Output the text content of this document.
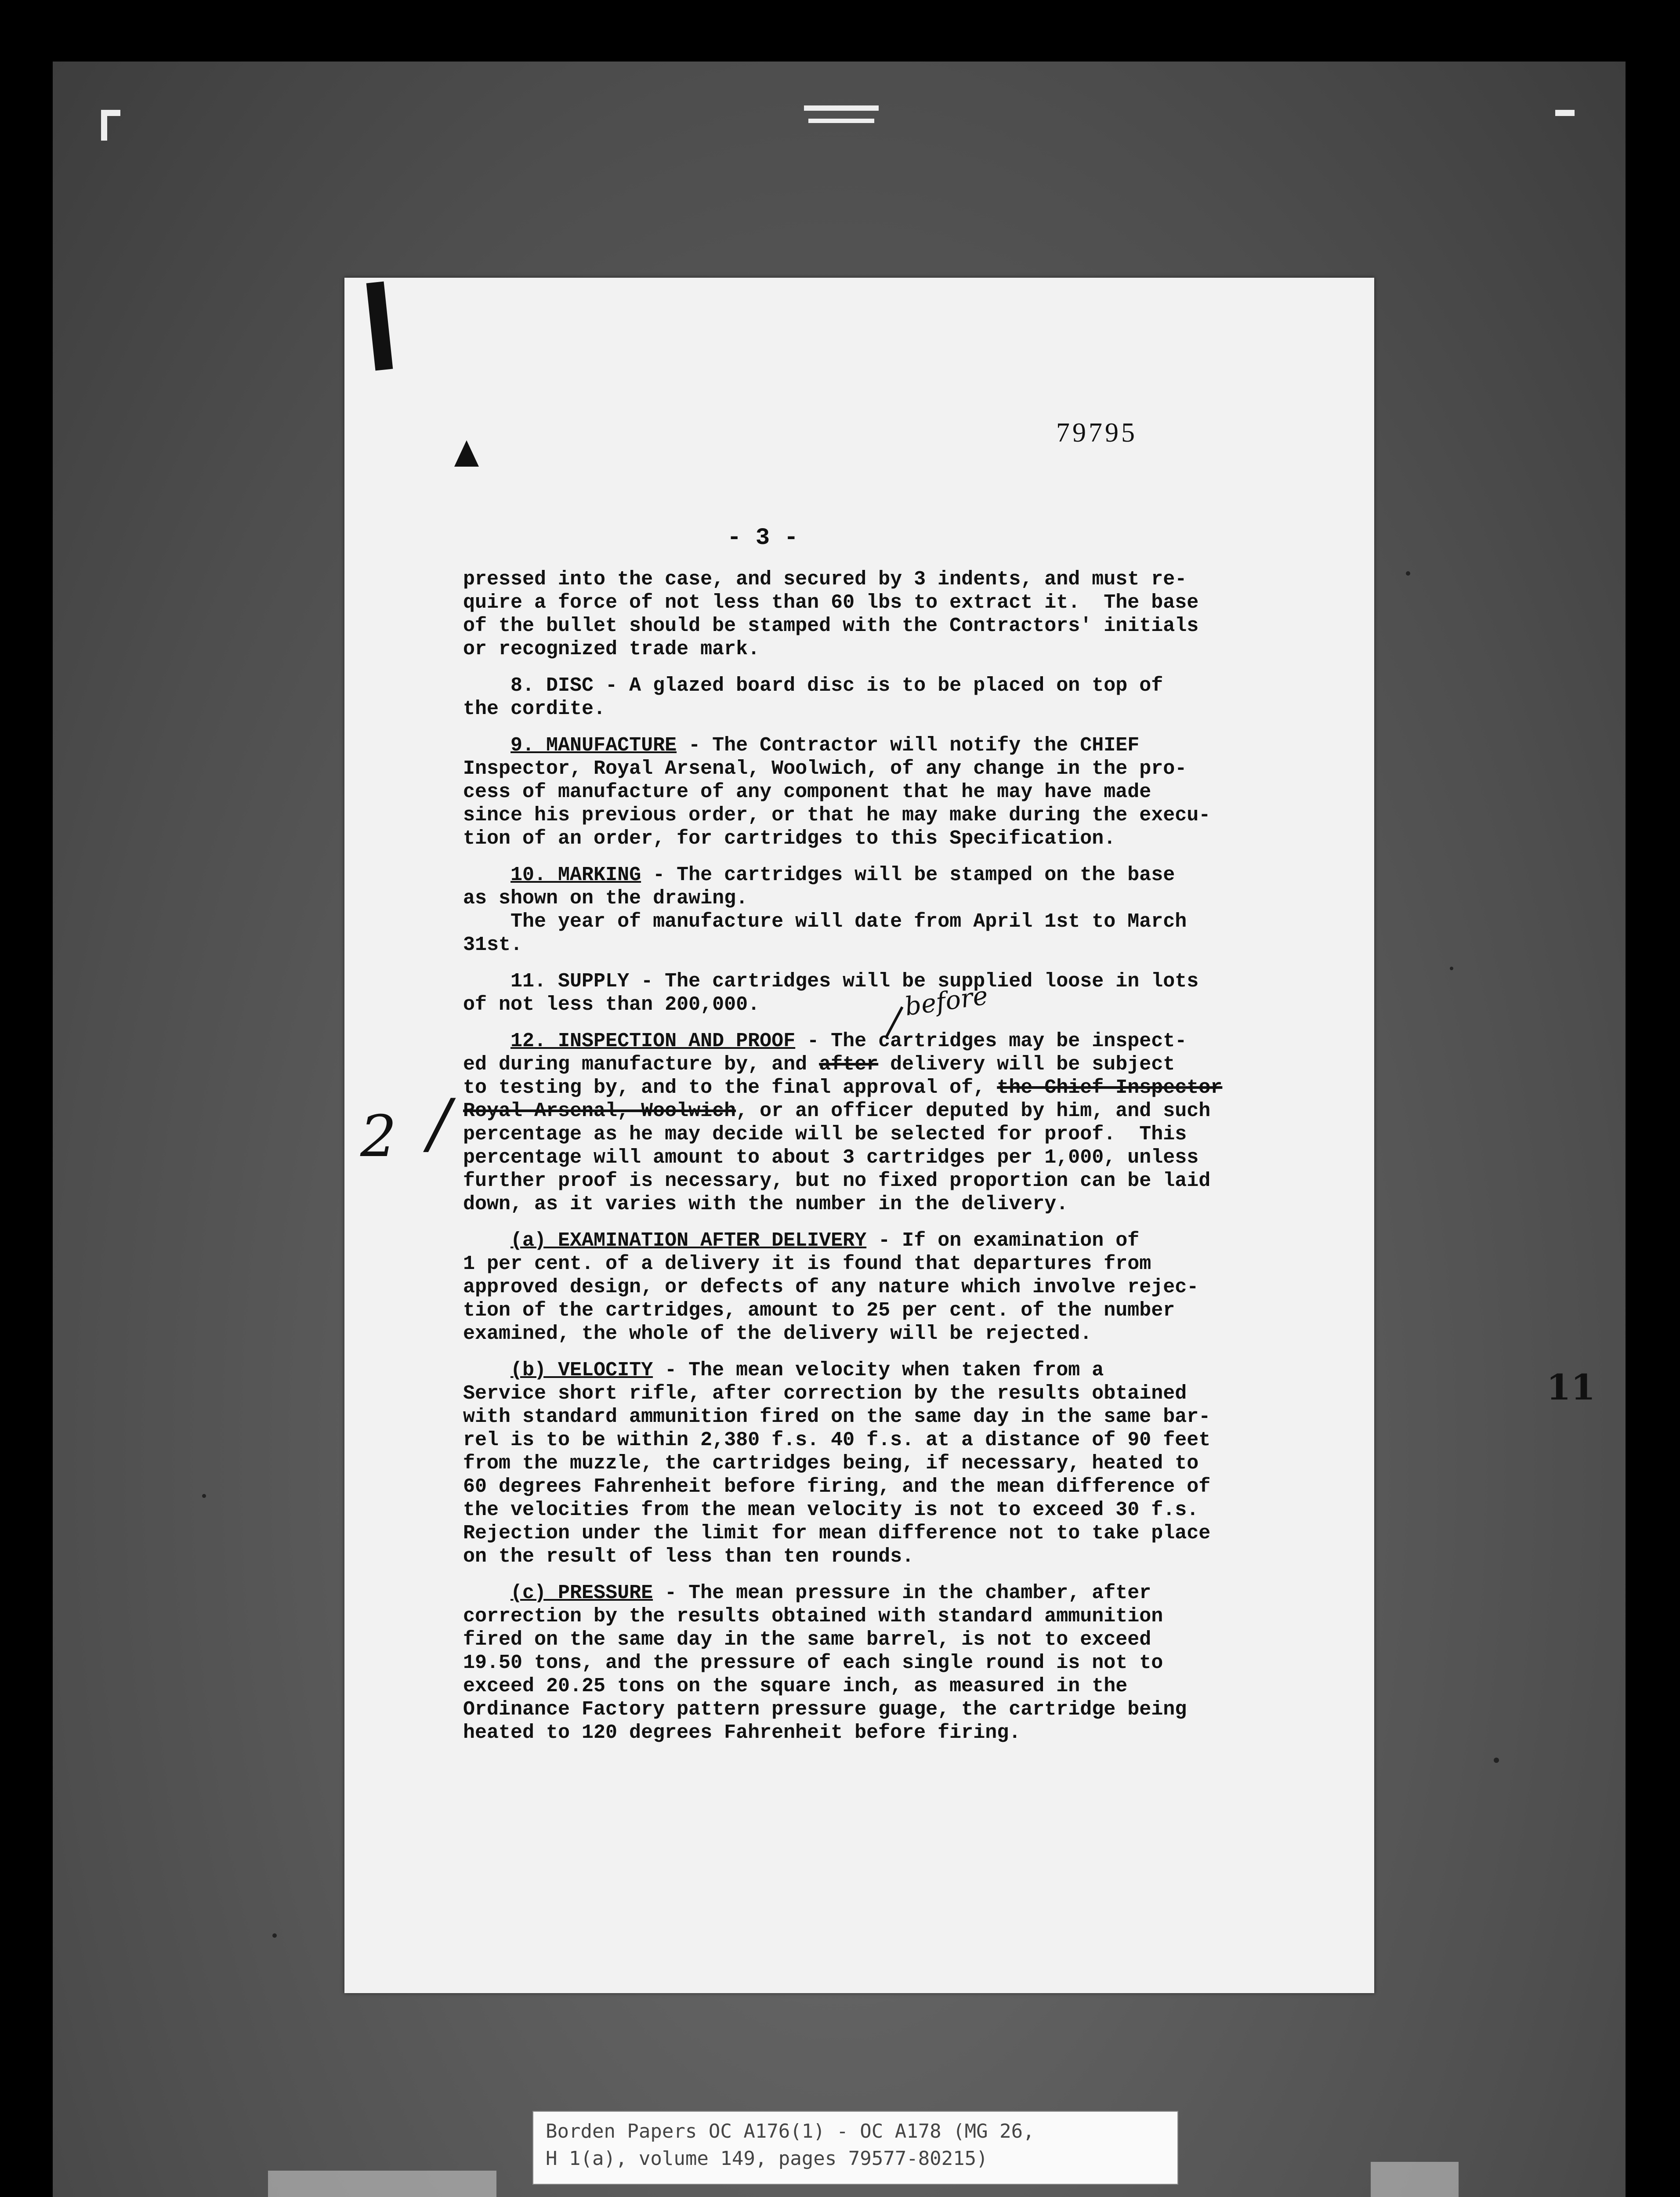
79795
- 3 -
pressed into the case, and secured by 3 indents, and must re-
quire a force of not less than 60 lbs to extract it.  The base
of the bullet should be stamped with the Contractors' initials
or recognized trade mark.
8. DISC - A glazed board disc is to be placed on top of
the cordite.
9. MANUFACTURE - The Contractor will notify the CHIEF
Inspector, Royal Arsenal, Woolwich, of any change in the pro-
cess of manufacture of any component that he may have made
since his previous order, or that he may make during the execu-
tion of an order, for cartridges to this Specification.
10. MARKING - The cartridges will be stamped on the base
as shown on the drawing.
The year of manufacture will date from April 1st to March
31st.
11. SUPPLY - The cartridges will be supplied loose in lots
of not less than 200,000.
12. INSPECTION AND PROOF - The cartridges may be inspect-
ed during manufacture by, and after delivery will be subject
to testing by, and to the final approval of, the Chief Inspector
Royal Arsenal, Woolwich, or an officer deputed by him, and such
percentage as he may decide will be selected for proof.  This
percentage will amount to about 3 cartridges per 1,000, unless
further proof is necessary, but no fixed proportion can be laid
down, as it varies with the number in the delivery.
(a) EXAMINATION AFTER DELIVERY - If on examination of
1 per cent. of a delivery it is found that departures from
approved design, or defects of any nature which involve rejec-
tion of the cartridges, amount to 25 per cent. of the number
examined, the whole of the delivery will be rejected.
(b) VELOCITY - The mean velocity when taken from a
Service short rifle, after correction by the results obtained
with standard ammunition fired on the same day in the same bar-
rel is to be within 2,380 f.s. 40 f.s. at a distance of 90 feet
from the muzzle, the cartridges being, if necessary, heated to
60 degrees Fahrenheit before firing, and the mean difference of
the velocities from the mean velocity is not to exceed 30 f.s.
Rejection under the limit for mean difference not to take place
on the result of less than ten rounds.
(c) PRESSURE - The mean pressure in the chamber, after
correction by the results obtained with standard ammunition
fired on the same day in the same barrel, is not to exceed
19.50 tons, and the pressure of each single round is not to
exceed 20.25 tons on the square inch, as measured in the
Ordinance Factory pattern pressure guage, the cartridge being
heated to 120 degrees Fahrenheit before firing.
before
2 /
11
Borden Papers OC A176(1) - OC A178 (MG 26,
H 1(a), volume 149, pages 79577-80215)
